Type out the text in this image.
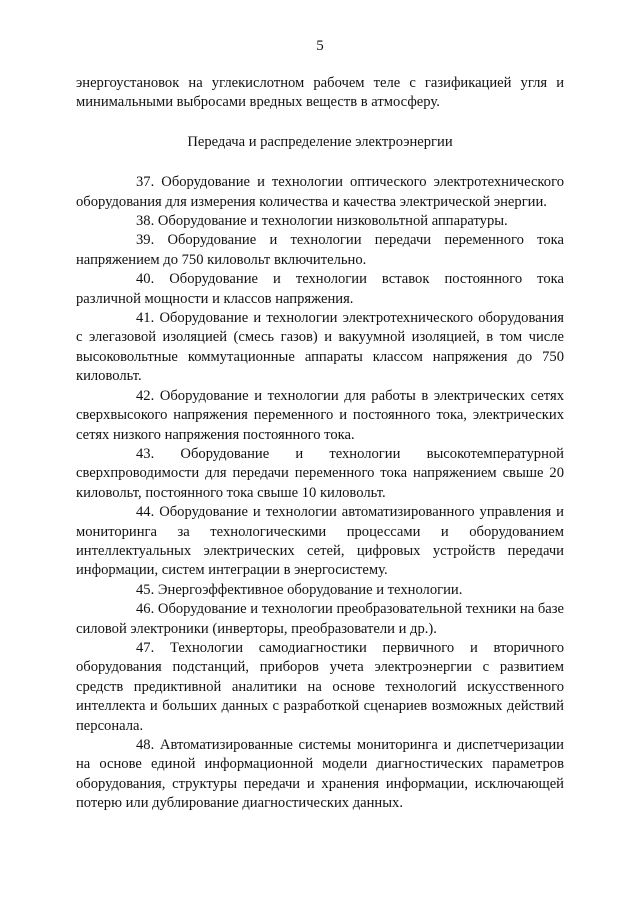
5

энергоустановок на углекислотном рабочем теле с газификацией угля и минимальными выбросами вредных веществ в атмосферу.

Передача и распределение электроэнергии

37. Оборудование и технологии оптического электротехнического оборудования для измерения количества и качества электрической энергии.

38. Оборудование и технологии низковольтной аппаратуры.

39. Оборудование и технологии передачи переменного тока напряжением до 750 киловольт включительно.

40. Оборудование и технологии вставок постоянного тока различной мощности и классов напряжения.

41. Оборудование и технологии электротехнического оборудования с элегазовой изоляцией (смесь газов) и вакуумной изоляцией, в том числе высоковольтные коммутационные аппараты классом напряжения до 750 киловольт.

42. Оборудование и технологии для работы в электрических сетях сверхвысокого напряжения переменного и постоянного тока, электрических сетях низкого напряжения постоянного тока.

43. Оборудование и технологии высокотемпературной сверхпроводимости для передачи переменного тока напряжением свыше 20 киловольт, постоянного тока свыше 10 киловольт.

44. Оборудование и технологии автоматизированного управления и мониторинга за технологическими процессами и оборудованием интеллектуальных электрических сетей, цифровых устройств передачи информации, систем интеграции в энергосистему.

45. Энергоэффективное оборудование и технологии.

46. Оборудование и технологии преобразовательной техники на базе силовой электроники (инверторы, преобразователи и др.).

47. Технологии самодиагностики первичного и вторичного оборудования подстанций, приборов учета электроэнергии с развитием средств предиктивной аналитики на основе технологий искусственного интеллекта и больших данных с разработкой сценариев возможных действий персонала.

48. Автоматизированные системы мониторинга и диспетчеризации на основе единой информационной модели диагностических параметров оборудования, структуры передачи и хранения информации, исключающей потерю или дублирование диагностических данных.
